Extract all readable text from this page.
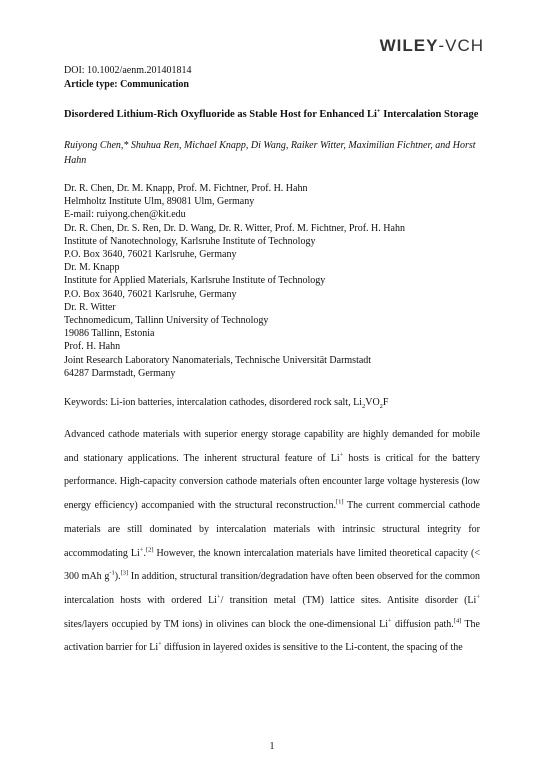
WILEY-VCH
DOI: 10.1002/aenm.201401814
Article type: Communication
Disordered Lithium-Rich Oxyfluoride as Stable Host for Enhanced Li+ Intercalation Storage
Ruiyong Chen,* Shuhua Ren, Michael Knapp, Di Wang, Raiker Witter, Maximilian Fichtner, and Horst Hahn
Dr. R. Chen, Dr. M. Knapp, Prof. M. Fichtner, Prof. H. Hahn
Helmholtz Institute Ulm, 89081 Ulm, Germany
E-mail: ruiyong.chen@kit.edu
Dr. R. Chen, Dr. S. Ren, Dr. D. Wang, Dr. R. Witter, Prof. M. Fichtner, Prof. H. Hahn
Institute of Nanotechnology, Karlsruhe Institute of Technology
P.O. Box 3640, 76021 Karlsruhe, Germany
Dr. M. Knapp
Institute for Applied Materials, Karlsruhe Institute of Technology
P.O. Box 3640, 76021 Karlsruhe, Germany
Dr. R. Witter
Technomedicum, Tallinn University of Technology
19086 Tallinn, Estonia
Prof. H. Hahn
Joint Research Laboratory Nanomaterials, Technische Universität Darmstadt
64287 Darmstadt, Germany
Keywords: Li-ion batteries, intercalation cathodes, disordered rock salt, $Li_2VO_2F$

Advanced cathode materials with superior energy storage capability are highly demanded for mobile and stationary applications. The inherent structural feature of Li+ hosts is critical for the battery performance. High-capacity conversion cathode materials often encounter large voltage hysteresis (low energy efficiency) accompanied with the structural reconstruction.[1] The current commercial cathode materials are still dominated by intercalation materials with intrinsic structural integrity for accommodating Li+.[2] However, the known intercalation materials have limited theoretical capacity (< 300 mAh $g^{-1}).[3]$ In addition, structural transition/degradation have often been observed for the common intercalation hosts with ordered Li+/ transition metal (TM) lattice sites. Antisite disorder (Li+ sites/layers occupied by TM ions) in olivines can block the one-dimensional Li+ diffusion path.[4] The activation barrier for Li+ diffusion in layered oxides is sensitive to the Li-content, the spacing of the

1
